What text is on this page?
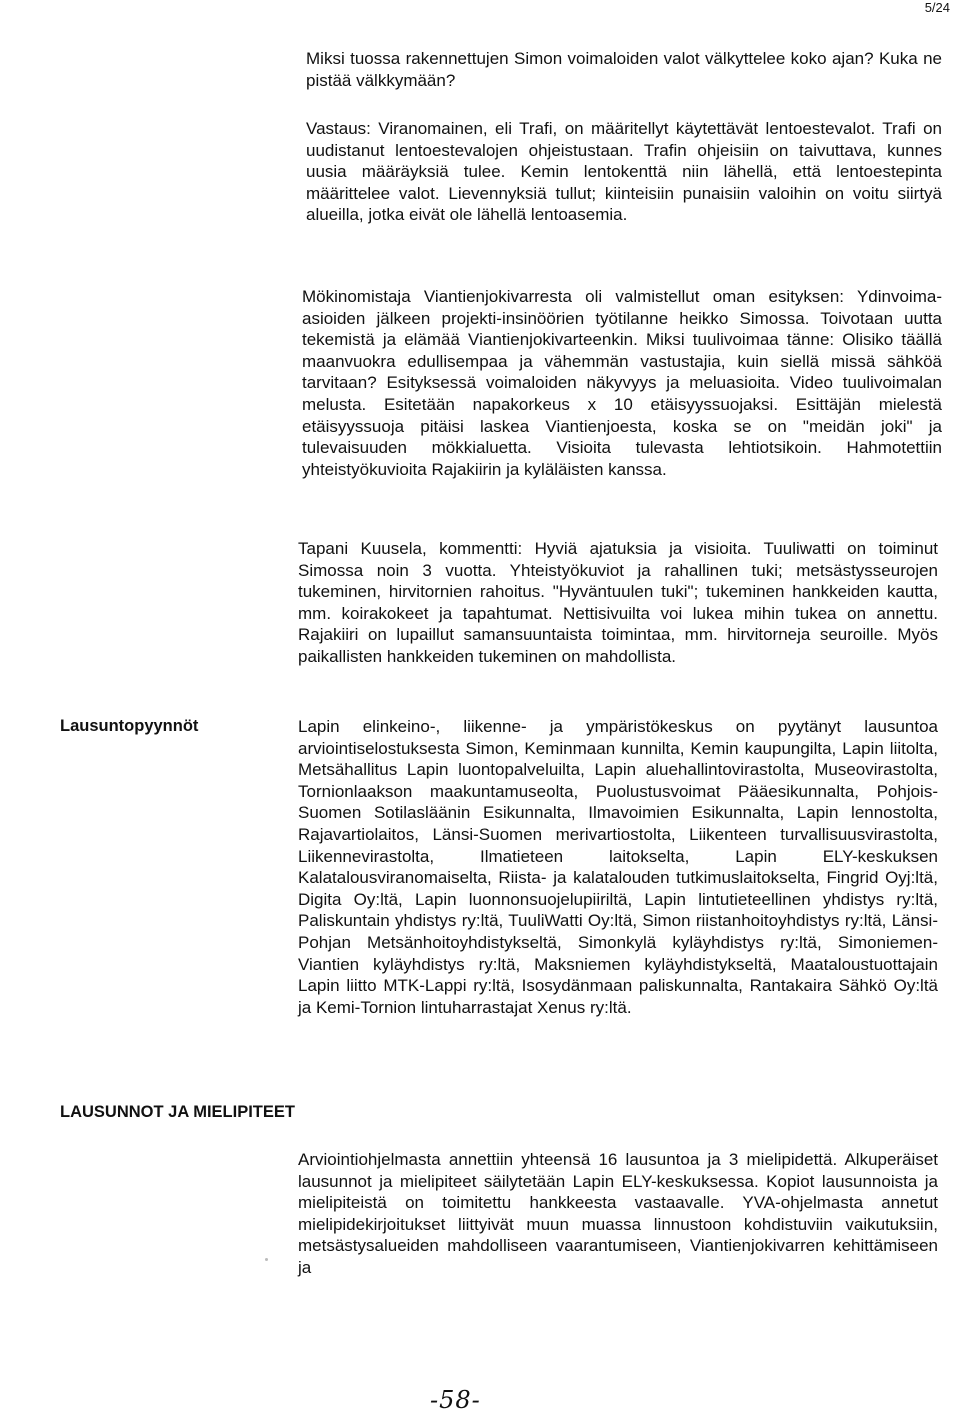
5/24

Miksi tuossa rakennettujen Simon voimaloiden valot välkyttelee koko ajan? Kuka ne pistää välkkymään?

Vastaus: Viranomainen, eli Trafi, on määritellyt käytettävät lentoestevalot. Trafi on uudistanut lentoestevalojen ohjeistustaan. Trafin ohjeisiin on taivuttava, kunnes uusia määräyksiä tulee. Kemin lentokenttä niin lähellä, että lentoestepinta määrittelee valot. Lievennyksiä tullut; kiinteisiin punaisiin valoihin on voitu siirtyä alueilla, jotka eivät ole lähellä lentoasemia.

Mökinomistaja Viantienjokivarresta oli valmistellut oman esityksen: Ydinvoima-asioiden jälkeen projekti-insinöörien työtilanne heikko Simossa. Toivotaan uutta tekemistä ja elämää Viantienjokivarteenkin. Miksi tuulivoimaa tänne: Olisiko täällä maanvuokra edullisempaa ja vähemmän vastustajia, kuin siellä missä sähköä tarvitaan? Esityksessä voimaloiden näkyvyys ja meluasioita. Video tuulivoimalan melusta. Esitetään napakorkeus x 10 etäisyyssuojaksi. Esittäjän mielestä etäisyyssuoja pitäisi laskea Viantienjoesta, koska se on "meidän joki" ja tulevaisuuden mökkialuetta. Visioita tulevasta lehtiotsikoin. Hahmotettiin yhteistyökuvioita Rajakiirin ja kyläläisten kanssa.

Tapani Kuusela, kommentti: Hyviä ajatuksia ja visioita. Tuuliwatti on toiminut Simossa noin 3 vuotta. Yhteistyökuviot ja rahallinen tuki; metsästysseurojen tukeminen, hirvitornien rahoitus. "Hyväntuulen tuki"; tukeminen hankkeiden kautta, mm. koirakokeet ja tapahtumat. Nettisivuilta voi lukea mihin tukea on annettu. Rajakiiri on lupaillut samansuuntaista toimintaa, mm. hirvitorneja seuroille. Myös paikallisten hankkeiden tukeminen on mahdollista.

Lausuntopyynnöt	Lapin elinkeino-, liikenne- ja ympäristökeskus on pyytänyt lausuntoa arviointiselostuksesta Simon, Keminmaan kunnilta, Kemin kaupungilta, Lapin liitolta, Metsähallitus Lapin luontopalveluilta, Lapin aluehallintovirastolta, Museovirastolta, Tornionlaakson maakuntamuseolta, Puolustusvoimat Pääesikunnalta, Pohjois-Suomen Sotilasläänin Esikunnalta, Ilmavoimien Esikunnalta, Lapin lennostolta, Rajavartiolaitos, Länsi-Suomen merivartiostolta, Liikenteen turvallisuusvirastolta, Liikennevirastolta, Ilmatieteen laitokselta, Lapin ELY-keskuksen Kalatalousviranomaiselta, Riista- ja kalatalouden tutkimuslaitokselta, Fingrid Oyj:ltä, Digita Oy:ltä, Lapin luonnonsuojelupiiriltä, Lapin lintutieteellinen yhdistys ry:ltä, Paliskuntain yhdistys ry:ltä, TuuliWatti Oy:ltä, Simon riistanhoitoyhdistys ry:ltä, Länsi-Pohjan Metsänhoitoyhdistykseltä, Simonkylä kyläyhdistys ry:ltä, Simoniemen-Viantien kyläyhdistys ry:ltä, Maksniemen kyläyhdistykseltä, Maataloustuottajain Lapin liitto MTK-Lappi ry:ltä, Isosydänmaan paliskunnalta, Rantakaira Sähkö Oy:ltä ja Kemi-Tornion lintuharrastajat Xenus ry:ltä.

LAUSUNNOT JA MIELIPITEET

Arviointiohjelmasta annettiin yhteensä 16 lausuntoa ja 3 mielipidettä. Alkuperäiset lausunnot ja mielipiteet säilytetään Lapin ELY-keskuksessa. Kopiot lausunnoista ja mielipiteistä on toimitettu hankkeesta vastaavalle. YVA-ohjelmasta annetut mielipidekirjoitukset liittyivät muun muassa linnustoon kohdistuviin vaikutuksiin, metsästysalueiden mahdolliseen vaarantumiseen, Viantienjokivarren kehittämiseen ja

-58-
